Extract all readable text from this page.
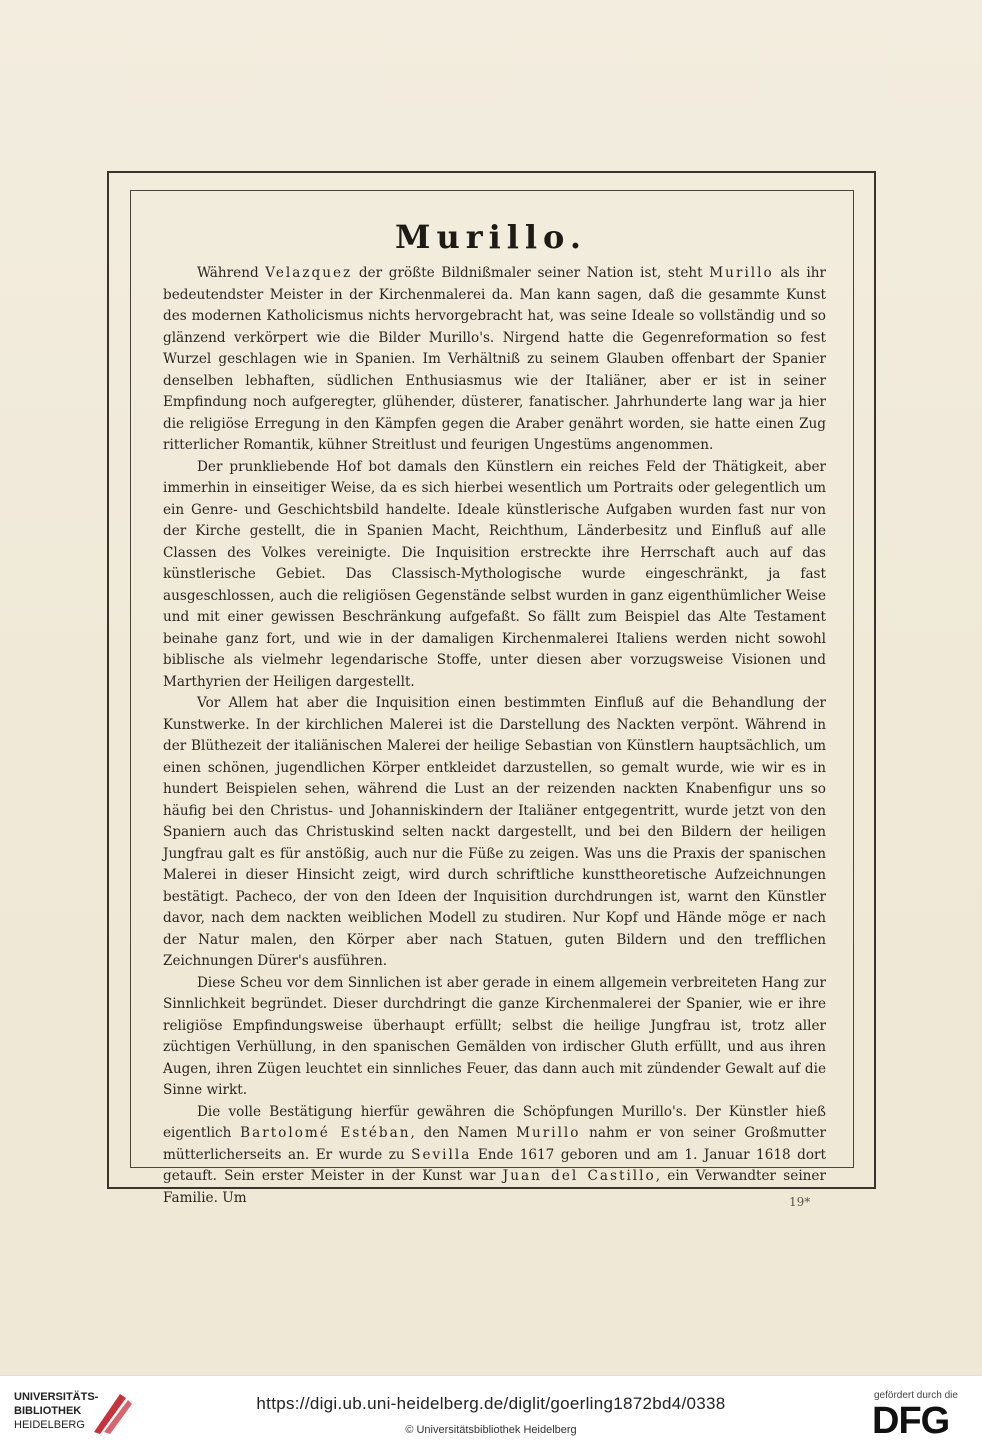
Murillo.

Während Velazquez der größte Bildnißmaler seiner Nation ist, steht Murillo als ihr bedeutendster Meister in der Kirchenmalerei da. Man kann sagen, daß die gesammte Kunst des modernen Katholicismus nichts hervorgebracht hat, was seine Ideale so vollständig und so glänzend verkörpert wie die Bilder Murillo's. Nirgend hatte die Gegenreformation so fest Wurzel geschlagen wie in Spanien. Im Verhältniß zu seinem Glauben offenbart der Spanier denselben lebhaften, südlichen Enthusiasmus wie der Italiäner, aber er ist in seiner Empfindung noch aufgeregter, glühender, düsterer, fanatischer. Jahrhunderte lang war ja hier die religiöse Erregung in den Kämpfen gegen die Araber genährt worden, sie hatte einen Zug ritterlicher Romantik, kühner Streitlust und feurigen Ungestüms angenommen.

Der prunkliebende Hof bot damals den Künstlern ein reiches Feld der Thätigkeit, aber immerhin in einseitiger Weise, da es sich hierbei wesentlich um Portraits oder gelegentlich um ein Genre- und Geschichtsbild handelte. Ideale künstlerische Aufgaben wurden fast nur von der Kirche gestellt, die in Spanien Macht, Reichthum, Länderbesitz und Einfluß auf alle Classen des Volkes vereinigte. Die Inquisition erstreckte ihre Herrschaft auch auf das künstlerische Gebiet. Das Classisch-Mythologische wurde eingeschränkt, ja fast ausgeschlossen, auch die religiösen Gegenstände selbst wurden in ganz eigenthümlicher Weise und mit einer gewissen Beschränkung aufgefaßt. So fällt zum Beispiel das Alte Testament beinahe ganz fort, und wie in der damaligen Kirchenmalerei Italiens werden nicht sowohl biblische als vielmehr legendarische Stoffe, unter diesen aber vorzugsweise Visionen und Marthyrien der Heiligen dargestellt.

Vor Allem hat aber die Inquisition einen bestimmten Einfluß auf die Behandlung der Kunstwerke. In der kirchlichen Malerei ist die Darstellung des Nackten verpönt. Während in der Blüthezeit der italiänischen Malerei der heilige Sebastian von Künstlern hauptsächlich, um einen schönen, jugendlichen Körper entkleidet darzustellen, so gemalt wurde, wie wir es in hundert Beispielen sehen, während die Lust an der reizenden nackten Knabenfigur uns so häufig bei den Christus- und Johanniskindern der Italiäner entgegentritt, wurde jetzt von den Spaniern auch das Christuskind selten nackt dargestellt, und bei den Bildern der heiligen Jungfrau galt es für anstößig, auch nur die Füße zu zeigen. Was uns die Praxis der spanischen Malerei in dieser Hinsicht zeigt, wird durch schriftliche kunsttheoretische Aufzeichnungen bestätigt. Pacheco, der von den Ideen der Inquisition durchdrungen ist, warnt den Künstler davor, nach dem nackten weiblichen Modell zu studiren. Nur Kopf und Hände möge er nach der Natur malen, den Körper aber nach Statuen, guten Bildern und den trefflichen Zeichnungen Dürer's ausführen.

Diese Scheu vor dem Sinnlichen ist aber gerade in einem allgemein verbreiteten Hang zur Sinnlichkeit begründet. Dieser durchdringt die ganze Kirchenmalerei der Spanier, wie er ihre religiöse Empfindungsweise überhaupt erfüllt; selbst die heilige Jungfrau ist, trotz aller züchtigen Verhüllung, in den spanischen Gemälden von irdischer Gluth erfüllt, und aus ihren Augen, ihren Zügen leuchtet ein sinnliches Feuer, das dann auch mit zündender Gewalt auf die Sinne wirkt.

Die volle Bestätigung hierfür gewähren die Schöpfungen Murillo's. Der Künstler hieß eigentlich Bartolomé Estéban, den Namen Murillo nahm er von seiner Großmutter mütterlicherseits an. Er wurde zu Sevilla Ende 1617 geboren und am 1. Januar 1618 dort getauft. Sein erster Meister in der Kunst war Juan del Castillo, ein Verwandter seiner Familie. Um	19*
UNIVERSITÄTS-
BIBLIOTHEK
HEIDELBERG
https://digi.ub.uni-heidelberg.de/diglit/goerling1872bd4/0338
© Universitätsbibliothek Heidelberg
gefördert durch die
DFG
